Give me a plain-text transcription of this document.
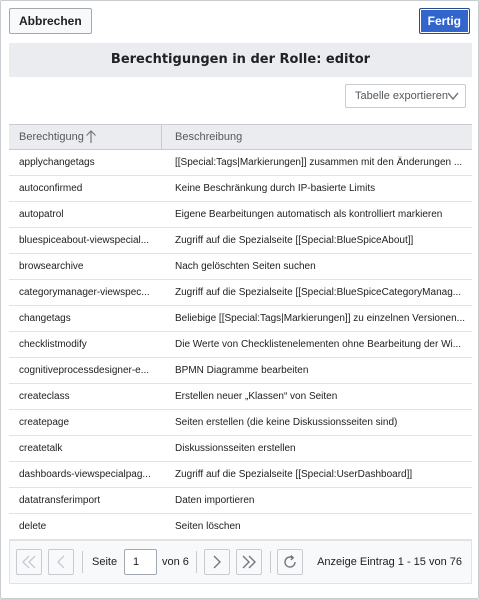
Abbrechen	Fertig
Berechtigungen in der Rolle: editor
Tabelle exportieren
Berechtigung	Beschreibung
applychangetags	[[Special:Tags|Markierungen]] zusammen mit den Änderungen ...
autoconfirmed	Keine Beschränkung durch IP-basierte Limits
autopatrol	Eigene Bearbeitungen automatisch als kontrolliert markieren
bluespiceabout-viewspecial...	Zugriff auf die Spezialseite [[Special:BlueSpiceAbout]]
browsearchive	Nach gelöschten Seiten suchen
categorymanager-viewspec...	Zugriff auf die Spezialseite [[Special:BlueSpiceCategoryManag...
changetags	Beliebige [[Special:Tags|Markierungen]] zu einzelnen Versionen...
checklistmodify	Die Werte von Checklistenelementen ohne Bearbeitung der Wi...
cognitiveprocessdesigner-e...	BPMN Diagramme bearbeiten
createclass	Erstellen neuer „Klassen“ von Seiten
createpage	Seiten erstellen (die keine Diskussionsseiten sind)
createtalk	Diskussionsseiten erstellen
dashboards-viewspecialpag...	Zugriff auf die Spezialseite [[Special:UserDashboard]]
datatransferimport	Daten importieren
delete	Seiten löschen
Seite
1	von 6	Anzeige Eintrag 1 - 15 von 76
